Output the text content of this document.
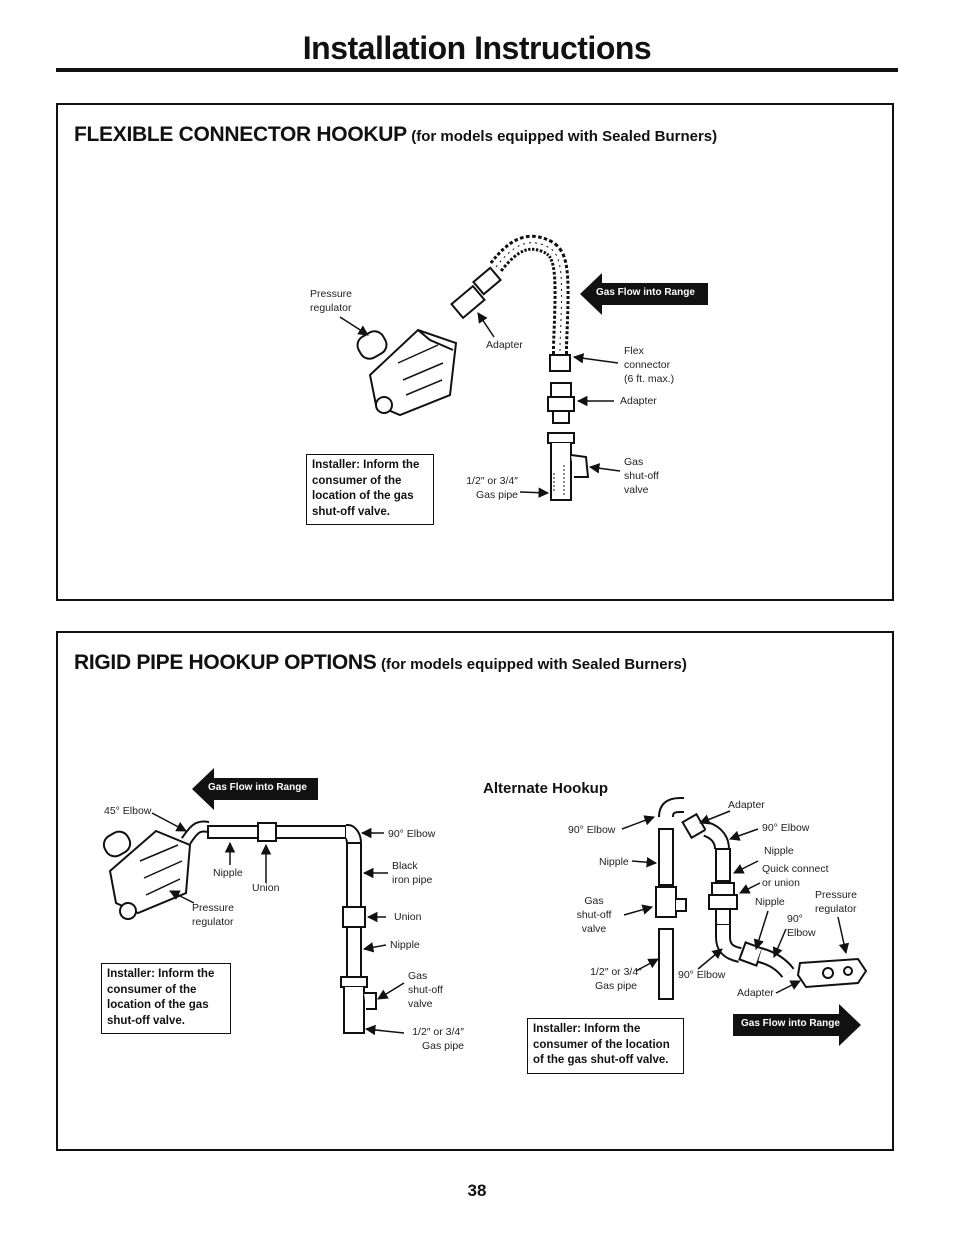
Installation Instructions
FLEXIBLE CONNECTOR HOOKUP (for models equipped with Sealed Burners)
Pressure
regulator
Adapter	Flex
connector
(6 ft. max.)
Adapter
Gas
shut-off
valve
1/2″ or 3/4″
Gas pipe
Gas Flow into Range
Installer: Inform the
consumer of the
location of the gas
shut-off valve.
RIGID PIPE HOOKUP OPTIONS (for models equipped with Sealed Burners)
45° Elbow
Nipple
Union
Pressure
regulator
90° Elbow
Black
iron pipe
Union
Nipple
Gas
shut-off
valve
1/2″ or 3/4″
Gas pipe
Gas Flow into Range
Installer: Inform the
consumer of the
location of the gas
shut-off valve.
Alternate Hookup
Adapter
90° Elbow	90° Elbow
Nipple
Nipple
Quick connect
or union
Gas
shut-off
valve
Nipple
Pressure
regulator
90°
Elbow
1/2″ or 3/4″
Gas pipe
90° Elbow
Adapter
Gas Flow into Range
Installer: Inform the
consumer of the location
of the gas shut-off valve.
38
